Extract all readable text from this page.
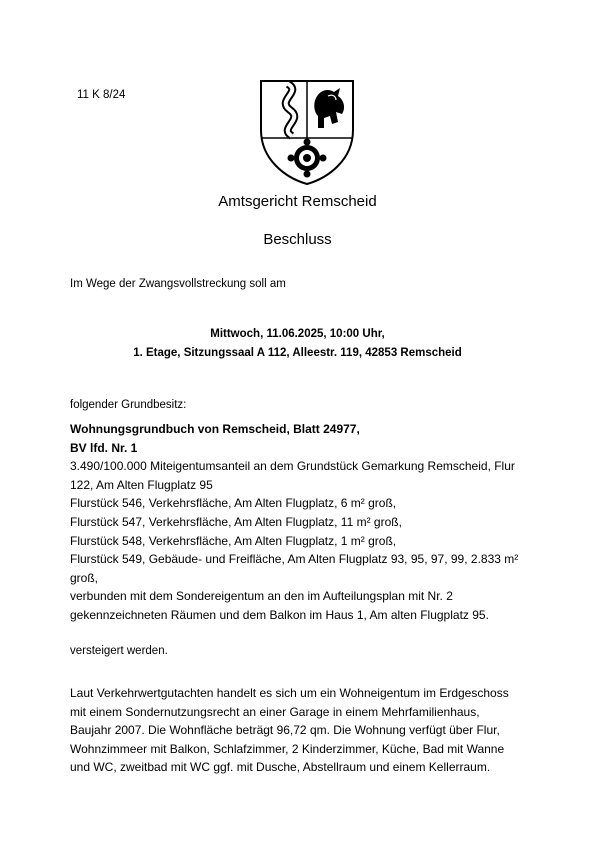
11 K 8/24

Amtsgericht Remscheid
Beschluss

Im Wege der Zwangsvollstreckung soll am

Mittwoch, 11.06.2025, 10:00 Uhr,

1. Etage, Sitzungssaal A 112, Alleestr. 119, 42853 Remscheid

folgender Grundbesitz:

Wohnungsgrundbuch von Remscheid, Blatt 24977,
BV lfd. Nr. 1
3.490/100.000 Miteigentumsanteil an dem Grundstück Gemarkung Remscheid, Flur
122, Am Alten Flugplatz 95
Flurstück 546, Verkehrsfläche, Am Alten Flugplatz, 6 m² groß,
Flurstück 547, Verkehrsfläche, Am Alten Flugplatz, 11 m² groß,
Flurstück 548, Verkehrsfläche, Am Alten Flugplatz, 1 m² groß,
Flurstück 549, Gebäude- und Freifläche, Am Alten Flugplatz 93, 95, 97, 99, 2.833 m²
groß,
verbunden mit dem Sondereigentum an den im Aufteilungsplan mit Nr. 2
gekennzeichneten Räumen und dem Balkon im Haus 1, Am alten Flugplatz 95.

versteigert werden.

Laut Verkehrwertgutachten handelt es sich um ein Wohneigentum im Erdgeschoss
mit einem Sondernutzungsrecht an einer Garage in einem Mehrfamilienhaus,
Baujahr 2007. Die Wohnfläche beträgt 96,72 qm. Die Wohnung verfügt über Flur,
Wohnzimmeer mit Balkon, Schlafzimmer, 2 Kinderzimmer, Küche, Bad mit Wanne
und WC, zweitbad mit WC ggf. mit Dusche, Abstellraum und einem Kellerraum.
